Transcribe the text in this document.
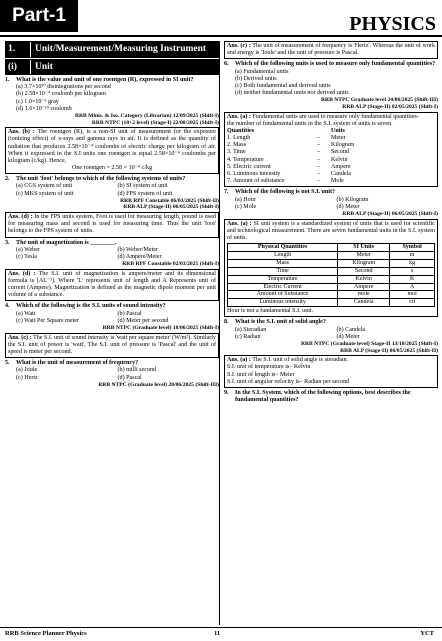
Part-1	PHYSICS
1.	Unit/Measurement/Measuring Instrument
(i)	Unit
1.	What is the value and unit of one roentgen (R), expressed in SI unit?
(a) 3.7×10¹⁰ disintegrations per second
(b) 2.58×10⁻⁴ coulomb per kilogram
(c) 1.0×10⁻³ gray
(d) 1.6×10⁻¹⁹ coulomb
RRB Minis. & Iso. Category (Librarian) 12/09/2025 (Shift-I)
RRB NTPC (10+2 level) (Stage-I) 22/08/2025 (Shift-I)
Ans. (b) : The roentgen (R), is a non-SI unit of measurement for the exposure (ionizing effect) of x-rays and gamma rays in air. It is defined as the quantity of radiation that produces 2.58×10⁻⁴ coulombs of electric charge per kilogram of air. When it expressed in the S.I units one roentgen is equal 2.58×10⁻⁴ coulombs per kilogram (c/kg). Hence,
One roentgen = 2.58 × 10⁻⁴ c/kg
2.	The unit 'foot' belongs to which of the following systems of units?
(a) CGS system of unit	(b) SI system of unit
(c) MKS system of unit	(d) FPS system of unit
RRB RPF Constable 06/03/2025 (Shift-II)
RRB ALP (Stage-II) 06/05/2025 (Shift-I)
Ans. (d) : In the FPS units system, Foot is used for measuring length, pound is used for measuring mass and second is used for measuring time. Thus the unit 'foot' belongs to the FPS system of units.
3.	The unit of magnetization is ________.
(a) Weber	(b) Weber/Meter
(c) Tesla	(d) Ampere/Meter
RRB RPF Constable 02/03/2025 (Shift-I)
Ans. (d) : The S.I. unit of magnetization is ampere/meter and its dimensional formula is [AL⁻¹]. Where 'L' represents unit of length and A Represents unit of current (Ampere). Magnetization is defined as the magnetic dipole moment per unit volume of a substance.
4.	Which of the following is the S.I. units of sound intensity?
(a) Watt	(b) Pascal
(c) Watt Per Square meter	(d) Meter per second
RRB NTPC (Graduate level) 18/06/2025 (Shift-I)
Ans. (c) : The S.I. unit of sound intensity is 'watt per square meter' (W/m²). Similarly the S.I. unit of power is 'watt', The S.I. unit of pressure is 'Pascal' and the unit of speed is meter per second.
5.	What is the unit of measurement of frequency?
(a) Joule	(b) milli second
(c) Hertz	(d) Pascal
RRB NTPC (Graduate level) 20/06/2025 (Shift-III)
Ans. (c) : The unit of measurement of frequency is 'Hertz'. Whereas the unit of work and energy is 'Joule' and the unit of pressure is Pascal.
6.	Which of the following units is used to measure only fundamental quantities?
(a) Fundamental units
(b) Derived units
(c) Both fundamental and derived units
(d) neither fundamental units nor derived units
RRB NTPC Graduate level 24/06/2025 (Shift-III)
RRB ALP (Stage-II) 02/05/2025 (Shift-I)
Ans. (a) : Fundamental units are used to measure only fundamental quantities-
the number of fundamental units in the S.I. system of units is seven.
Quantities	Units
1. Length	–	Meter
2. Mass	–	Kilogram
3. Time	–	Second
4. Temperature	–	Kelvin
5. Electric current	–	Ampere
6. Luminous intensity	–	Candela
7. Amount of substance	–	Mole
7.	Which of the following is not S.I. unit?
(a) Hour	(b) Kilogram
(c) Mole	(d) Meter
RRB ALP (Stage-II) 06/05/2025 (Shift-I)
Ans. (a) : SI unit system is a standardized system of units that is used for scientific and technological measurement. There are seven fundamental units in the S.I. system of units.
Physical Quantities	SI Units	Symbol
Length	Meter	m
Mass	Kilogram	kg
Time	Second	s
Temperature	Kelvin	K
Electric Current	Ampere	A
Amount of Substance	mole	mol
Luminous intensity	Candela	cd
Hour is not a fundamental S.I. unit.
8.	What is the S.I. unit of solid angle?
(a) Steradian	(b) Candela
(c) Radian	(d) Meter
RRB NTPC (Graduate level) Stage-II 13/10/2025 (Shift-I)
RRB ALP (Stage-II) 06/05/2025 (Shift-II)
Ans. (a) : The S.I. unit of solid angle is steradian.
S.I. unit of temperature is– Kelvin
S.I. unit of length is– Meter
S.I. unit of angular velocity is– Radian per second
9.	In the S.I. System, which of the following options, best describes the fundamental quantities?
RRB Science Planner Physics	11	YCT
